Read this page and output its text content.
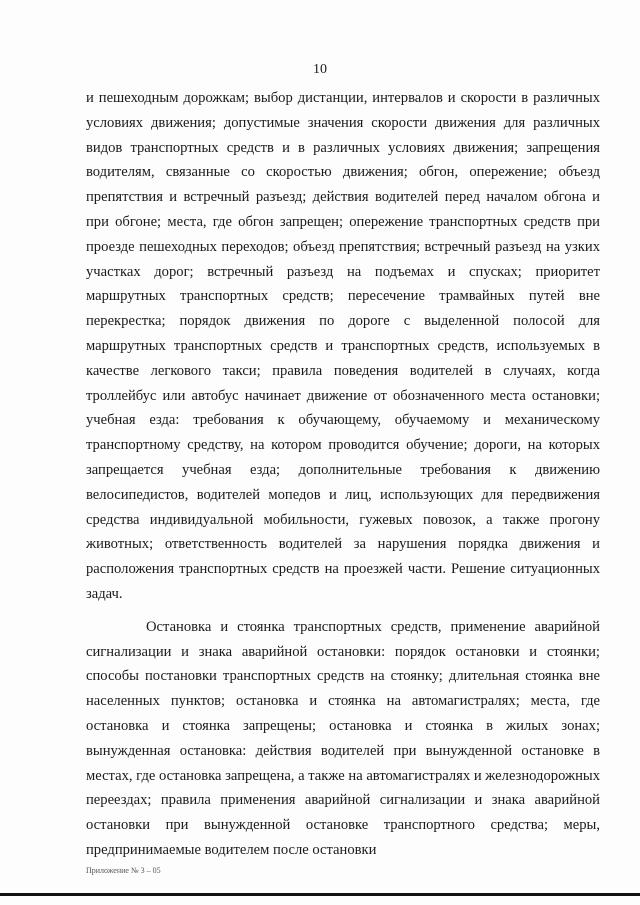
10

и пешеходным дорожкам; выбор дистанции, интервалов и скорости в различных условиях движения; допустимые значения скорости движения для различных видов транспортных средств и в различных условиях движения; запрещения водителям, связанные со скоростью движения; обгон, опережение; объезд препятствия и встречный разъезд; действия водителей перед началом обгона и при обгоне; места, где обгон запрещен; опережение транспортных средств при проезде пешеходных переходов; объезд препятствия; встречный разъезд на узких участках дорог; встречный разъезд на подъемах и спусках; приоритет маршрутных транспортных средств; пересечение трамвайных путей вне перекрестка; порядок движения по дороге с выделенной полосой для маршрутных транспортных средств и транспортных средств, используемых в качестве легкового такси; правила поведения водителей в случаях, когда троллейбус или автобус начинает движение от обозначенного места остановки; учебная езда: требования к обучающему, обучаемому и механическому транспортному средству, на котором проводится обучение; дороги, на которых запрещается учебная езда; дополнительные требования к движению велосипедистов, водителей мопедов и лиц, использующих для передвижения средства индивидуальной мобильности, гужевых повозок, а также прогону животных; ответственность водителей за нарушения порядка движения и расположения транспортных средств на проезжей части. Решение ситуационных задач.

Остановка и стоянка транспортных средств, применение аварийной сигнализации и знака аварийной остановки: порядок остановки и стоянки; способы постановки транспортных средств на стоянку; длительная стоянка вне населенных пунктов; остановка и стоянка на автомагистралях; места, где остановка и стоянка запрещены; остановка и стоянка в жилых зонах; вынужденная остановка: действия водителей при вынужденной остановке в местах, где остановка запрещена, а также на автомагистралях и железнодорожных переездах; правила применения аварийной сигнализации и знака аварийной остановки при вынужденной остановке транспортного средства; меры, предпринимаемые водителем после остановки

Приложение № 3 – 05
